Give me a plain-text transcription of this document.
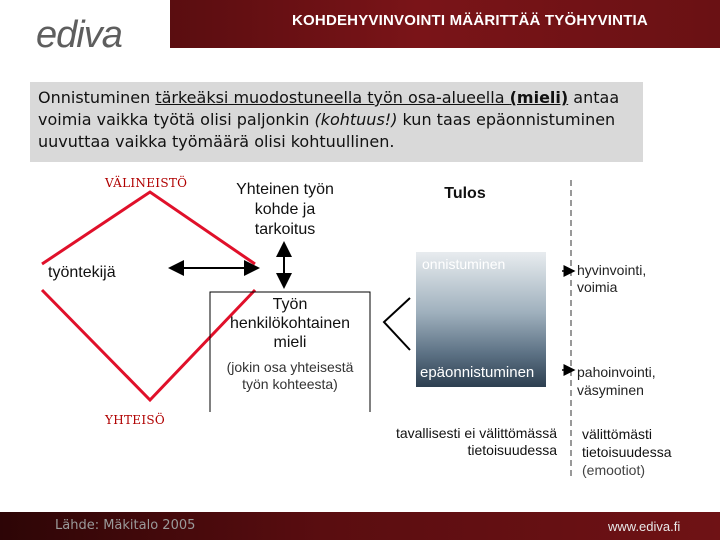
ediva	KOHDEHYVINVOINTI MÄÄRITTÄÄ TYÖHYVINTIA
Onnistuminen tärkeäksi muodostuneella työn osa-alueella (mieli) antaa voimia vaikka työtä olisi paljonkin (kohtuus!) kun taas epäonnistuminen uuvuttaa vaikka työmäärä olisi kohtuullinen.
VÄLINEISTÖ
YHTEISÖ
työntekijä
Yhteinen työn
kohde ja
tarkoitus
Työn
henkilökohtainen
mieli
(jokin osa yhteisestä
työn kohteesta)
Tulos
onnistuminen
epäonnistuminen
hyvinvointi,
voimia
pahoinvointi,
väsyminen
tavallisesti ei välittömässä
tietoisuudessa
välittömästi
tietoisuudessa
(emootiot)
Lähde: Mäkitalo 2005	www.ediva.fi
